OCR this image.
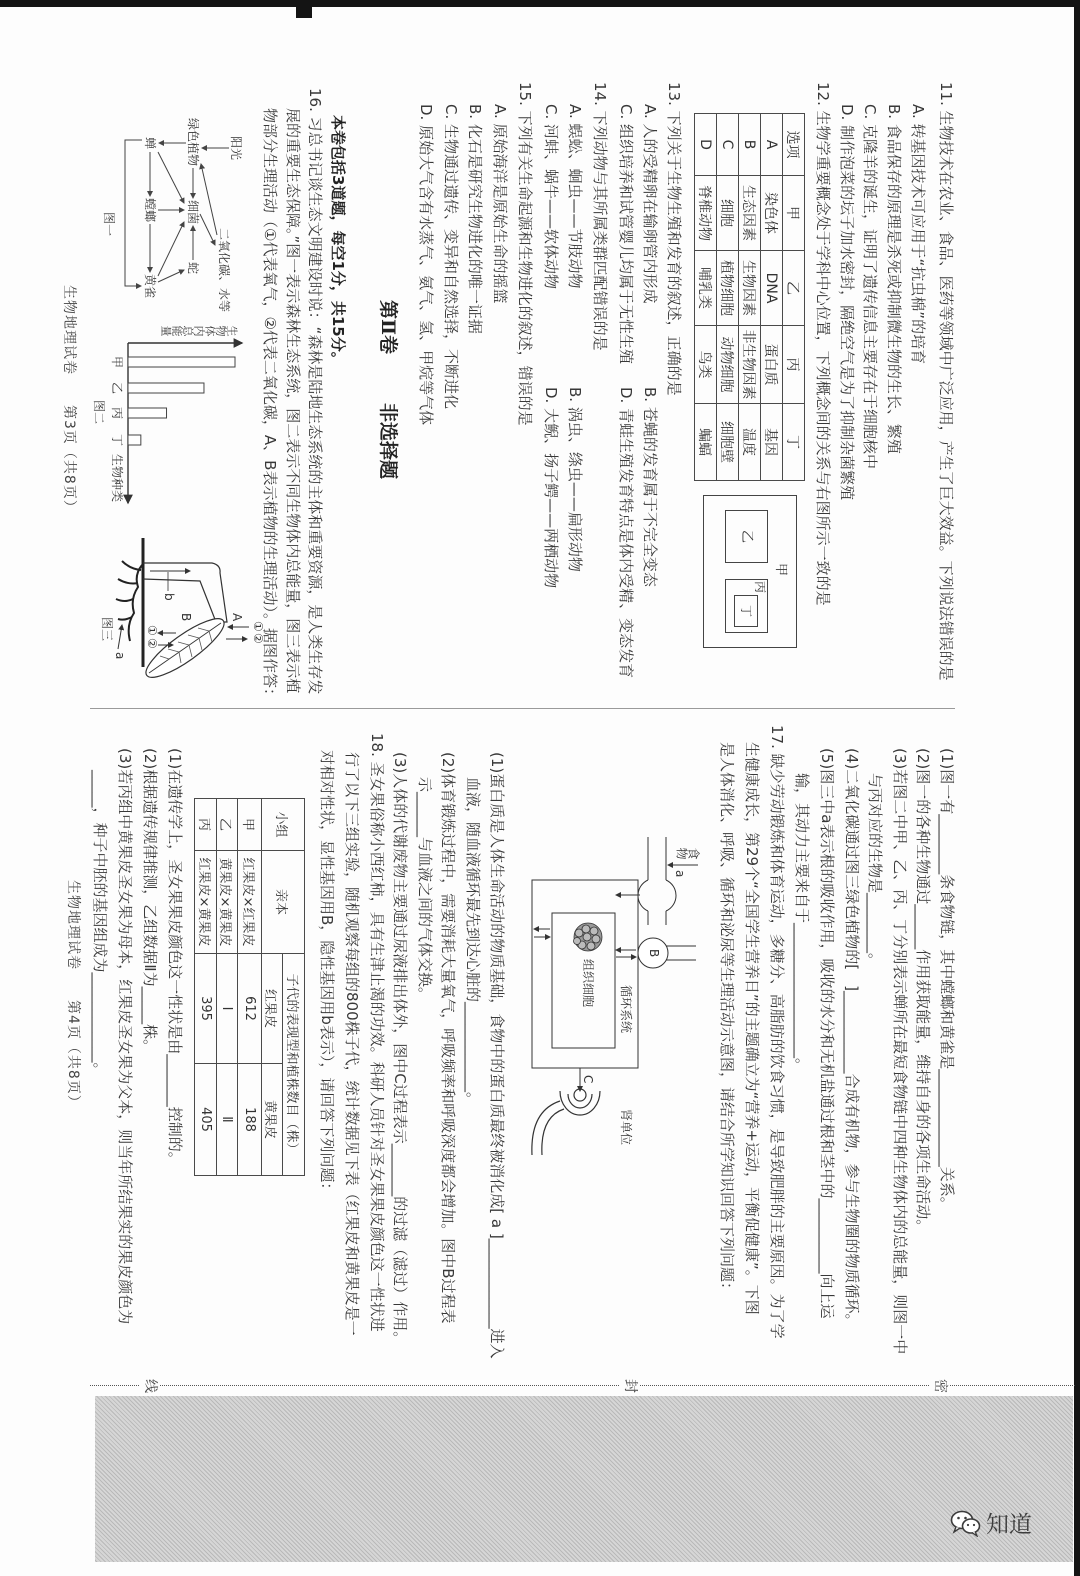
11. 生物技术在农业、食品、医药等领域中广泛应用，产生了巨大效益。下列说法错误的是
A. 转基因技术可应用于“抗虫棉”的培育
B. 食品保存的原理是杀死或抑制微生物的生长、繁殖
C. 克隆羊的诞生，证明了遗传信息主要存在于细胞核中
D. 制作泡菜的坛子加水密封，隔绝空气是为了抑制杂菌繁殖
12. 生物学重要概念处于学科中心位置，下列概念间的关系与右图所示一致的是
选项	甲	乙	丙	丁
A	染色体	DNA	蛋白质	基因
B	生态因素	生物因素	非生物因素	温度
C	细胞	植物细胞	动物细胞	细胞壁
D	脊椎动物	哺乳类	鸟类	蝙蝠
甲
乙
丙
丁
13. 下列关于生物生殖和发育的叙述，正确的是
A. 人的受精卵在输卵管内形成
B. 苍蝇的发育属于不完全变态
C. 组织培养和试管婴儿均属于无性生殖
D. 青蛙生殖发育特点是体内受精、变态发育
14. 下列动物与其所属类群匹配错误的是
A. 蜈蚣、蛔虫——节肢动物
B. 涡虫、绦虫——扁形动物
C. 河蚌、蜗牛——软体动物
D. 大鲵、扬子鳄——两栖动物
15. 下列有关生命起源和生物进化的叙述，错误的是
A. 原始海洋是原始生命的摇篮
B. 化石是研究生物进化的唯一证据
C. 生物通过遗传、变异和自然选择，不断进化
D. 原始大气含有水蒸气、氨气、氢、甲烷等气体
第Ⅱ卷
非选择题
本卷包括3道题，每空1分，共15分。
16. 习总书记谈生态文明建设时说：“森林是陆地生态系统的主体和重要资源，是人类生存发
展的重要生态保障。”图一表示森林生态系统，图二表示不同生物体内总能量，图三表示植
物部分生理活动（①代表氧气，②代表二氧化碳，A、B表示植物的生理活动）。据图作答：
阳光
二氧化碳、水等
绿色植物
细菌
蛇
蝉
螳螂
黄雀
图一
生物体内总能量
甲
乙
丙
丁
生物种类
图二
①
②
A
B
①
②
b
a
图三
生物地理试卷　　第3页（共8页）
(1)图一有________条食物链，其中螳螂和黄雀是_____________关系。
(2)图一的各种生物通过______作用获取能量，维持自身的各项生命活动。
(3)若图二中甲、乙、丙、丁分别表示蝉所在最短食物链中四种生物体内的总能量，则图一中
与丙对应的生物是________。
(4)二氧化碳通过图三绿色植物的[　]___________合成有机物，参与生物圈的物质循环。
(5)图三中a表示根的吸收作用，吸收的水分和无机盐通过根和茎中的__________向上运
输，其动力主要来自于__________________。
17. 缺少劳动锻炼和体育运动，多糖分、高脂肪的饮食习惯，是导致肥胖的主要原因。为了学
生健康成长，第29个“全国学生营养日”的主题确立为“营养+运动，平衡促健康”。下图
是人体消化、呼吸、循环和泌尿等生理活动示意图，请结合所学知识回答下列问题：
食物
a
循环系统
组织细胞
B
C
肾单位
(1)蛋白质是人体生命活动的物质基础，食物中的蛋白质最终被消化成[ a ]____________进入
血液，随血液循环最先到达心脏的____________。
(2)体育锻炼过程中，需要消耗大量氧气，呼吸频率和呼吸深度都会增加。图中B过程表
示______与血液之间的气体交换。
(3)人体的代谢废物主要通过尿液排出体外，图中C过程表示_______的过滤（滤过）作用。
18. 圣女果俗称小西红柿，具有生津止渴的功效。科研人员针对圣女果果皮颜色这一性状进
行了以下三组实验，随机观察每组的800株子代，统计数据见下表（红果皮和黄果皮是一
对相对性状，显性基因用B，隐性基因用b表示），请回答下列问题：
小组	亲本	子代的表现型和植株数目（株）	
		红果皮	黄果皮
甲	红果皮×红果皮	612	188
乙	黄果皮×黄果皮	Ⅰ	Ⅱ
丙	红果皮×黄果皮	395	405
(1)在遗传学上，圣女果果皮颜色这一性状是由_______控制的。
(2)根据遗传规律推测，乙组数据Ⅱ为_____株。
(3)若丙组中黄果皮圣女果为母本，红果皮圣女果为父本，则当年所结果实的果皮颜色为
_____，种子中胚的基因组成为____________。
生物地理试卷　　第4页（共8页）
密
封
线
知道
